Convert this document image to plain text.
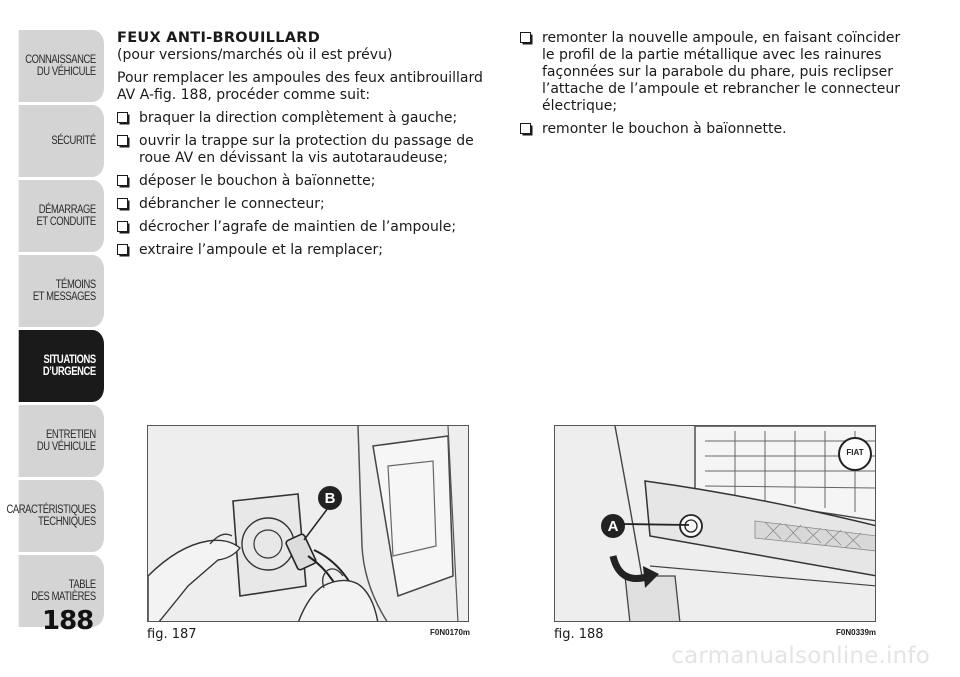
CONNAISSANCE
DU VÉHICULE
SÉCURITÉ
DÉMARRAGE
ET CONDUITE
TÉMOINS
ET MESSAGES
SITUATIONS
D’URGENCE
ENTRETIEN
DU VÉHICULE
CARACTÉRISTIQUES
TECHNIQUES
TABLE
DES MATIÈRES
188
FEUX ANTI-BROUILLARD
(pour versions/marchés où il est prévu)
Pour remplacer les ampoules des feux antibrouillard AV A-fig. 188, procéder comme suit:
braquer la direction complètement à gauche;
ouvrir la trappe sur la protection du passage de roue AV en dévissant la vis autotaraudeuse;
déposer le bouchon à baïonnette;
débrancher le connecteur;
décrocher l’agrafe de maintien de l’ampoule;
extraire l’ampoule et la remplacer;
remonter la nouvelle ampoule, en faisant coïncider le profil de la partie métallique avec les rainures façonnées sur la parabole du phare, puis reclipser l’attache de l’ampoule et rebrancher le connecteur électrique;
remonter le bouchon à baïonnette.
B
fig. 187	F0N0170m
A
FIAT
fig. 188	F0N0339m
carmanualsonline.info
